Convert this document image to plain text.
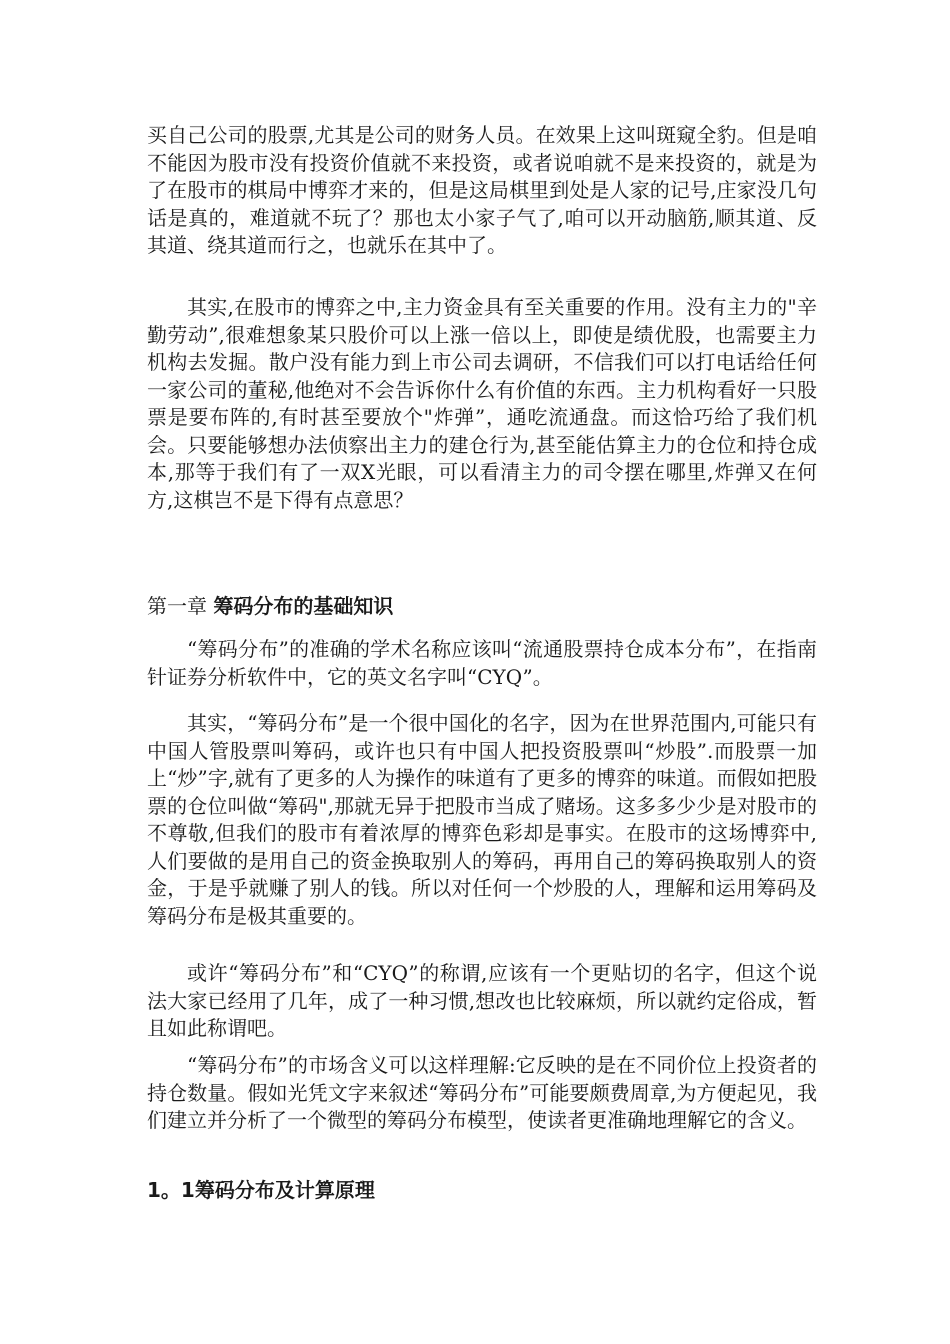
买自己公司的股票,尤其是公司的财务人员。在效果上这叫斑窥全豹。但是咱不能因为股市没有投资价值就不来投资，或者说咱就不是来投资的，就是为了在股市的棋局中博弈才来的，但是这局棋里到处是人家的记号,庄家没几句话是真的，难道就不玩了？那也太小家子气了,咱可以开动脑筋,顺其道、反其道、绕其道而行之，也就乐在其中了。
其实,在股市的博弈之中,主力资金具有至关重要的作用。没有主力的"辛勤劳动”,很难想象某只股价可以上涨一倍以上，即使是绩优股，也需要主力机构去发掘。散户没有能力到上市公司去调研，不信我们可以打电话给任何一家公司的董秘,他绝对不会告诉你什么有价值的东西。主力机构看好一只股票是要布阵的,有时甚至要放个"炸弹”，通吃流通盘。而这恰巧给了我们机会。只要能够想办法侦察出主力的建仓行为,甚至能估算主力的仓位和持仓成本,那等于我们有了一双X光眼，可以看清主力的司令摆在哪里,炸弹又在何方,这棋岂不是下得有点意思？
第一章 筹码分布的基础知识
“筹码分布”的准确的学术名称应该叫“流通股票持仓成本分布”，在指南针证券分析软件中，它的英文名字叫“CYQ”。
其实，“筹码分布”是一个很中国化的名字，因为在世界范围内,可能只有中国人管股票叫筹码，或许也只有中国人把投资股票叫“炒股”.而股票一加上“炒”字,就有了更多的人为操作的味道有了更多的博弈的味道。而假如把股票的仓位叫做“筹码",那就无异于把股市当成了赌场。这多多少少是对股市的不尊敬,但我们的股市有着浓厚的博弈色彩却是事实。在股市的这场博弈中,人们要做的是用自己的资金换取别人的筹码，再用自己的筹码换取别人的资金，于是乎就赚了别人的钱。所以对任何一个炒股的人，理解和运用筹码及筹码分布是极其重要的。
或许“筹码分布”和“CYQ”的称谓,应该有一个更贴切的名字，但这个说法大家已经用了几年，成了一种习惯,想改也比较麻烦，所以就约定俗成，暂且如此称谓吧。
“筹码分布”的市场含义可以这样理解:它反映的是在不同价位上投资者的持仓数量。假如光凭文字来叙述“筹码分布”可能要颇费周章,为方便起见，我们建立并分析了一个微型的筹码分布模型，使读者更准确地理解它的含义。
1。1筹码分布及计算原理
